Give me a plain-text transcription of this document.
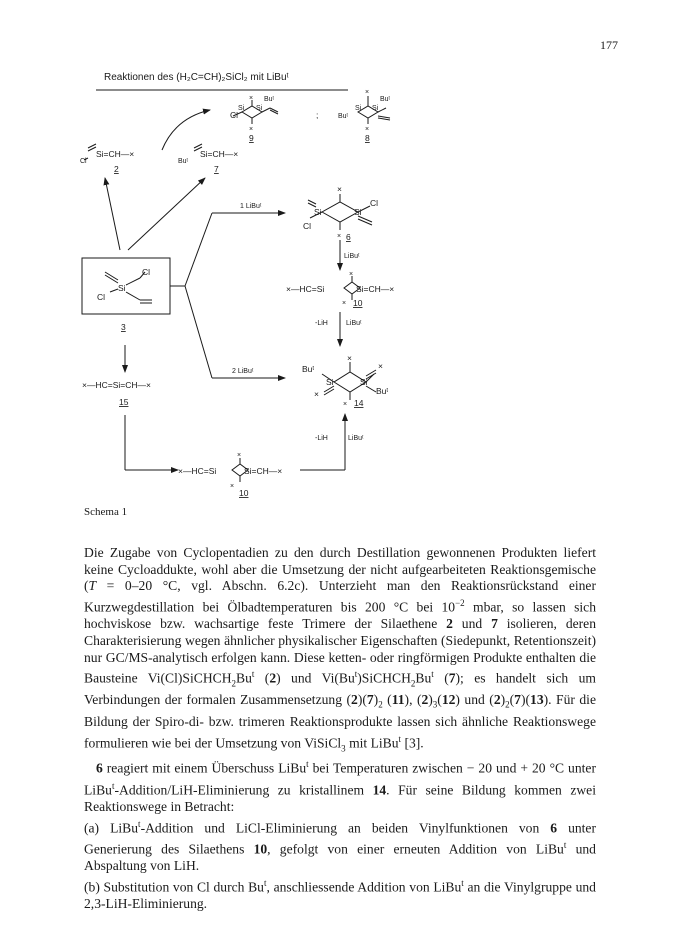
177
Reaktionen des (H₂C=CH)₂SiCl₂ mit LiBuᵗ
Cl
Si Si
Buᵗ
×
×
9
;	Buᵗ
Si Si
Buᵗ
×
×
8
Cl
Si=CH—×
2
Buᵗ
Si=CH—×
7
Cl
Si
Cl
3
1 LiBuᵗ
Cl
Si	Si
Cl
×
× 6
LiBuᵗ
×—HC=Si	Si=CH—×
×
× 10
-LiH	LiBuᵗ
2 LiBuᵗ	Buᵗ
Si	Si
Buᵗ
×
×
×
× 14
-LiH	LiBuᵗ
×—HC=Si=CH—×
15
×—HC=Si	Si=CH—×
×
×
10
Schema 1

Die Zugabe von Cyclopentadien zu den durch Destillation gewonnenen Produkten liefert keine Cycloaddukte, wohl aber die Umsetzung der nicht aufgearbeiteten Reaktionsgemische (T = 0–20 °C, vgl. Abschn. 6.2c). Unterzieht man den Reaktionsrückstand einer Kurzwegdestillation bei Ölbadtemperaturen bis 200 °C bei $10^{-2}$ mbar, so lassen sich hochviskose bzw. wachsartige feste Trimere der Silaethene 2 und 7 isolieren, deren Charakterisierung wegen ähnlicher physikalischer Eigenschaften (Siedepunkt, Retentionszeit) nur GC/MS-analytisch erfolgen kann. Diese ketten- oder ringförmigen Produkte enthalten die Bausteine $Vi(Cl)SiCHCH_2Bu^t$ (2) und $Vi(Bu^t)SiCHCH_2Bu^t$ (7); es handelt sich um Verbindungen der formalen Zusammensetzung $(2)(7)_2$ (11), $(2)_3(12)$ und $(2)_2(7)(13)$. Für die Bildung der Spiro-di- bzw. trimeren Reaktionsprodukte lassen sich ähnliche Reaktionswege formulieren wie bei der Umsetzung von ViSiCl$_3$ mit LiBu$^t$ [3].

6 reagiert mit einem Überschuss LiBu$^t$ bei Temperaturen zwischen − 20 und + 20 °C unter LiBu$^t$-Addition/LiH-Eliminierung zu kristallinem 14. Für seine Bildung kommen zwei Reaktionswege in Betracht:

(a) LiBu$^t$-Addition und LiCl-Eliminierung an beiden Vinylfunktionen von 6 unter Generierung des Silaethens 10, gefolgt von einer erneuten Addition von LiBu$^t$ und Abspaltung von LiH.

(b) Substitution von Cl durch Bu$^t$, anschliessende Addition von LiBu$^t$ an die Vinylgruppe und 2,3-LiH-Eliminierung.
